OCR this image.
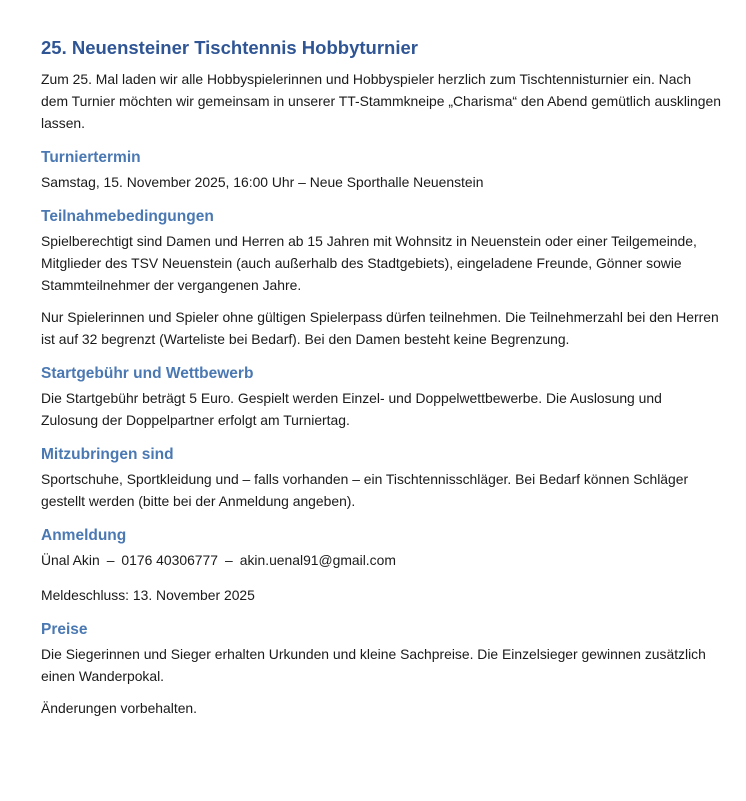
25. Neuensteiner Tischtennis Hobbyturnier

Zum 25. Mal laden wir alle Hobbyspielerinnen und Hobbyspieler herzlich zum Tischtennisturnier ein. Nach dem Turnier möchten wir gemeinsam in unserer TT-Stammkneipe „Charisma“ den Abend gemütlich ausklingen lassen.

Turniertermin

Samstag, 15. November 2025, 16:00 Uhr – Neue Sporthalle Neuenstein

Teilnahmebedingungen

Spielberechtigt sind Damen und Herren ab 15 Jahren mit Wohnsitz in Neuenstein oder einer Teilgemeinde, Mitglieder des TSV Neuenstein (auch außerhalb des Stadtgebiets), eingeladene Freunde, Gönner sowie Stammteilnehmer der vergangenen Jahre.

Nur Spielerinnen und Spieler ohne gültigen Spielerpass dürfen teilnehmen. Die Teilnehmerzahl bei den Herren ist auf 32 begrenzt (Warteliste bei Bedarf). Bei den Damen besteht keine Begrenzung.

Startgebühr und Wettbewerb

Die Startgebühr beträgt 5 Euro. Gespielt werden Einzel- und Doppelwettbewerbe. Die Auslosung und Zulosung der Doppelpartner erfolgt am Turniertag.

Mitzubringen sind

Sportschuhe, Sportkleidung und – falls vorhanden – ein Tischtennisschläger. Bei Bedarf können Schläger gestellt werden (bitte bei der Anmeldung angeben).

Anmeldung

Ünal Akin – 0176 40306777 – akin.uenal91@gmail.com

Meldeschluss: 13. November 2025

Preise

Die Siegerinnen und Sieger erhalten Urkunden und kleine Sachpreise. Die Einzelsieger gewinnen zusätzlich einen Wanderpokal.

Änderungen vorbehalten.
